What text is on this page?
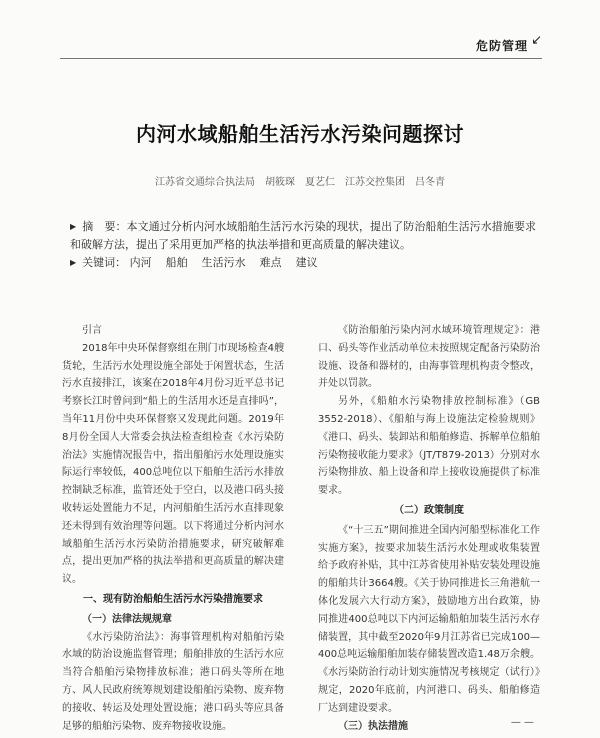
危防管理 ↙
内河水域船舶生活污水污染问题探讨
江苏省交通综合执法局　胡筱琛　夏艺仁　江苏交控集团　吕冬青
▶ 摘　要：本文通过分析内河水域船舶生活污水污染的现状，提出了防治船舶生活污水措施要求和破解方法，提出了采用更加严格的执法举措和更高质量的解决建议。
▶ 关键词： 内河 船舶 生活污水 难点 建议

引言

2018年中央环保督察组在荆门市现场检查4艘货轮，生活污水处理设施全部处于闲置状态，生活污水直接排江，该案在2018年4月份习近平总书记考察长江时曾问到“船上的生活用水还是直排吗”，当年11月份中央环保督察又发现此问题。2019年8月份全国人大常委会执法检查组检查《水污染防治法》实施情况报告中，指出船舶污水处理设施实际运行率较低，400总吨位以下船舶生活污水排放控制缺乏标准，监管还处于空白，以及港口码头接收转运处置能力不足，内河船舶生活污水直排现象还未得到有效治理等问题。以下将通过分析内河水域船舶生活污水污染防治措施要求，研究破解难点，提出更加严格的执法举措和更高质量的解决建议。

一、现有防治船舶生活污水污染措施要求

（一）法律法规规章

《水污染防治法》：海事管理机构对船舶污染水域的防治设施监督管理；船舶排放的生活污水应当符合船舶污染物排放标准；港口码头等所在地方、风人民政府统筹规划建设船舶污染物、废弃物的接收、转运及处理处置设施；港口码头等应具备足够的船舶污染物、废弃物接收设施。

《防治船舶污染内河水域环境管理规定》：港口、码头等作业活动单位未按照规定配备污染防治设施、设备和器材的，由海事管理机构责令整改，并处以罚款。

另外，《船舶水污染物排放控制标准》（GB 3552-2018）、《船舶与海上设施法定检验规则》《港口、码头、装卸站和船舶修造、拆解单位船舶污染物接收能力要求》（JT/T879-2013）分别对水污染物排放、船上设备和岸上接收设施提供了标准要求。

（二）政策制度

《“十三五”期间推进全国内河船型标准化工作实施方案》，按要求加装生活污水处理或收集装置给予政府补贴，其中江苏省使用补贴安装处理设施的船舶共计3664艘。《关于协同推进长三角港航一体化发展六大行动方案》，鼓励地方出台政策，协同推进400总吨以下内河运输船舶加装生活污水存储装置，其中截至2020年9月江苏省已完成100—400总吨运输船舶加装存储装置改造1.48万余艘。《水污染防治行动计划实施情况考核规定（试行）》规定，2020年底前，内河港口、码头、船舶修造厂达到建设要求。

（三）执法措施	— —
